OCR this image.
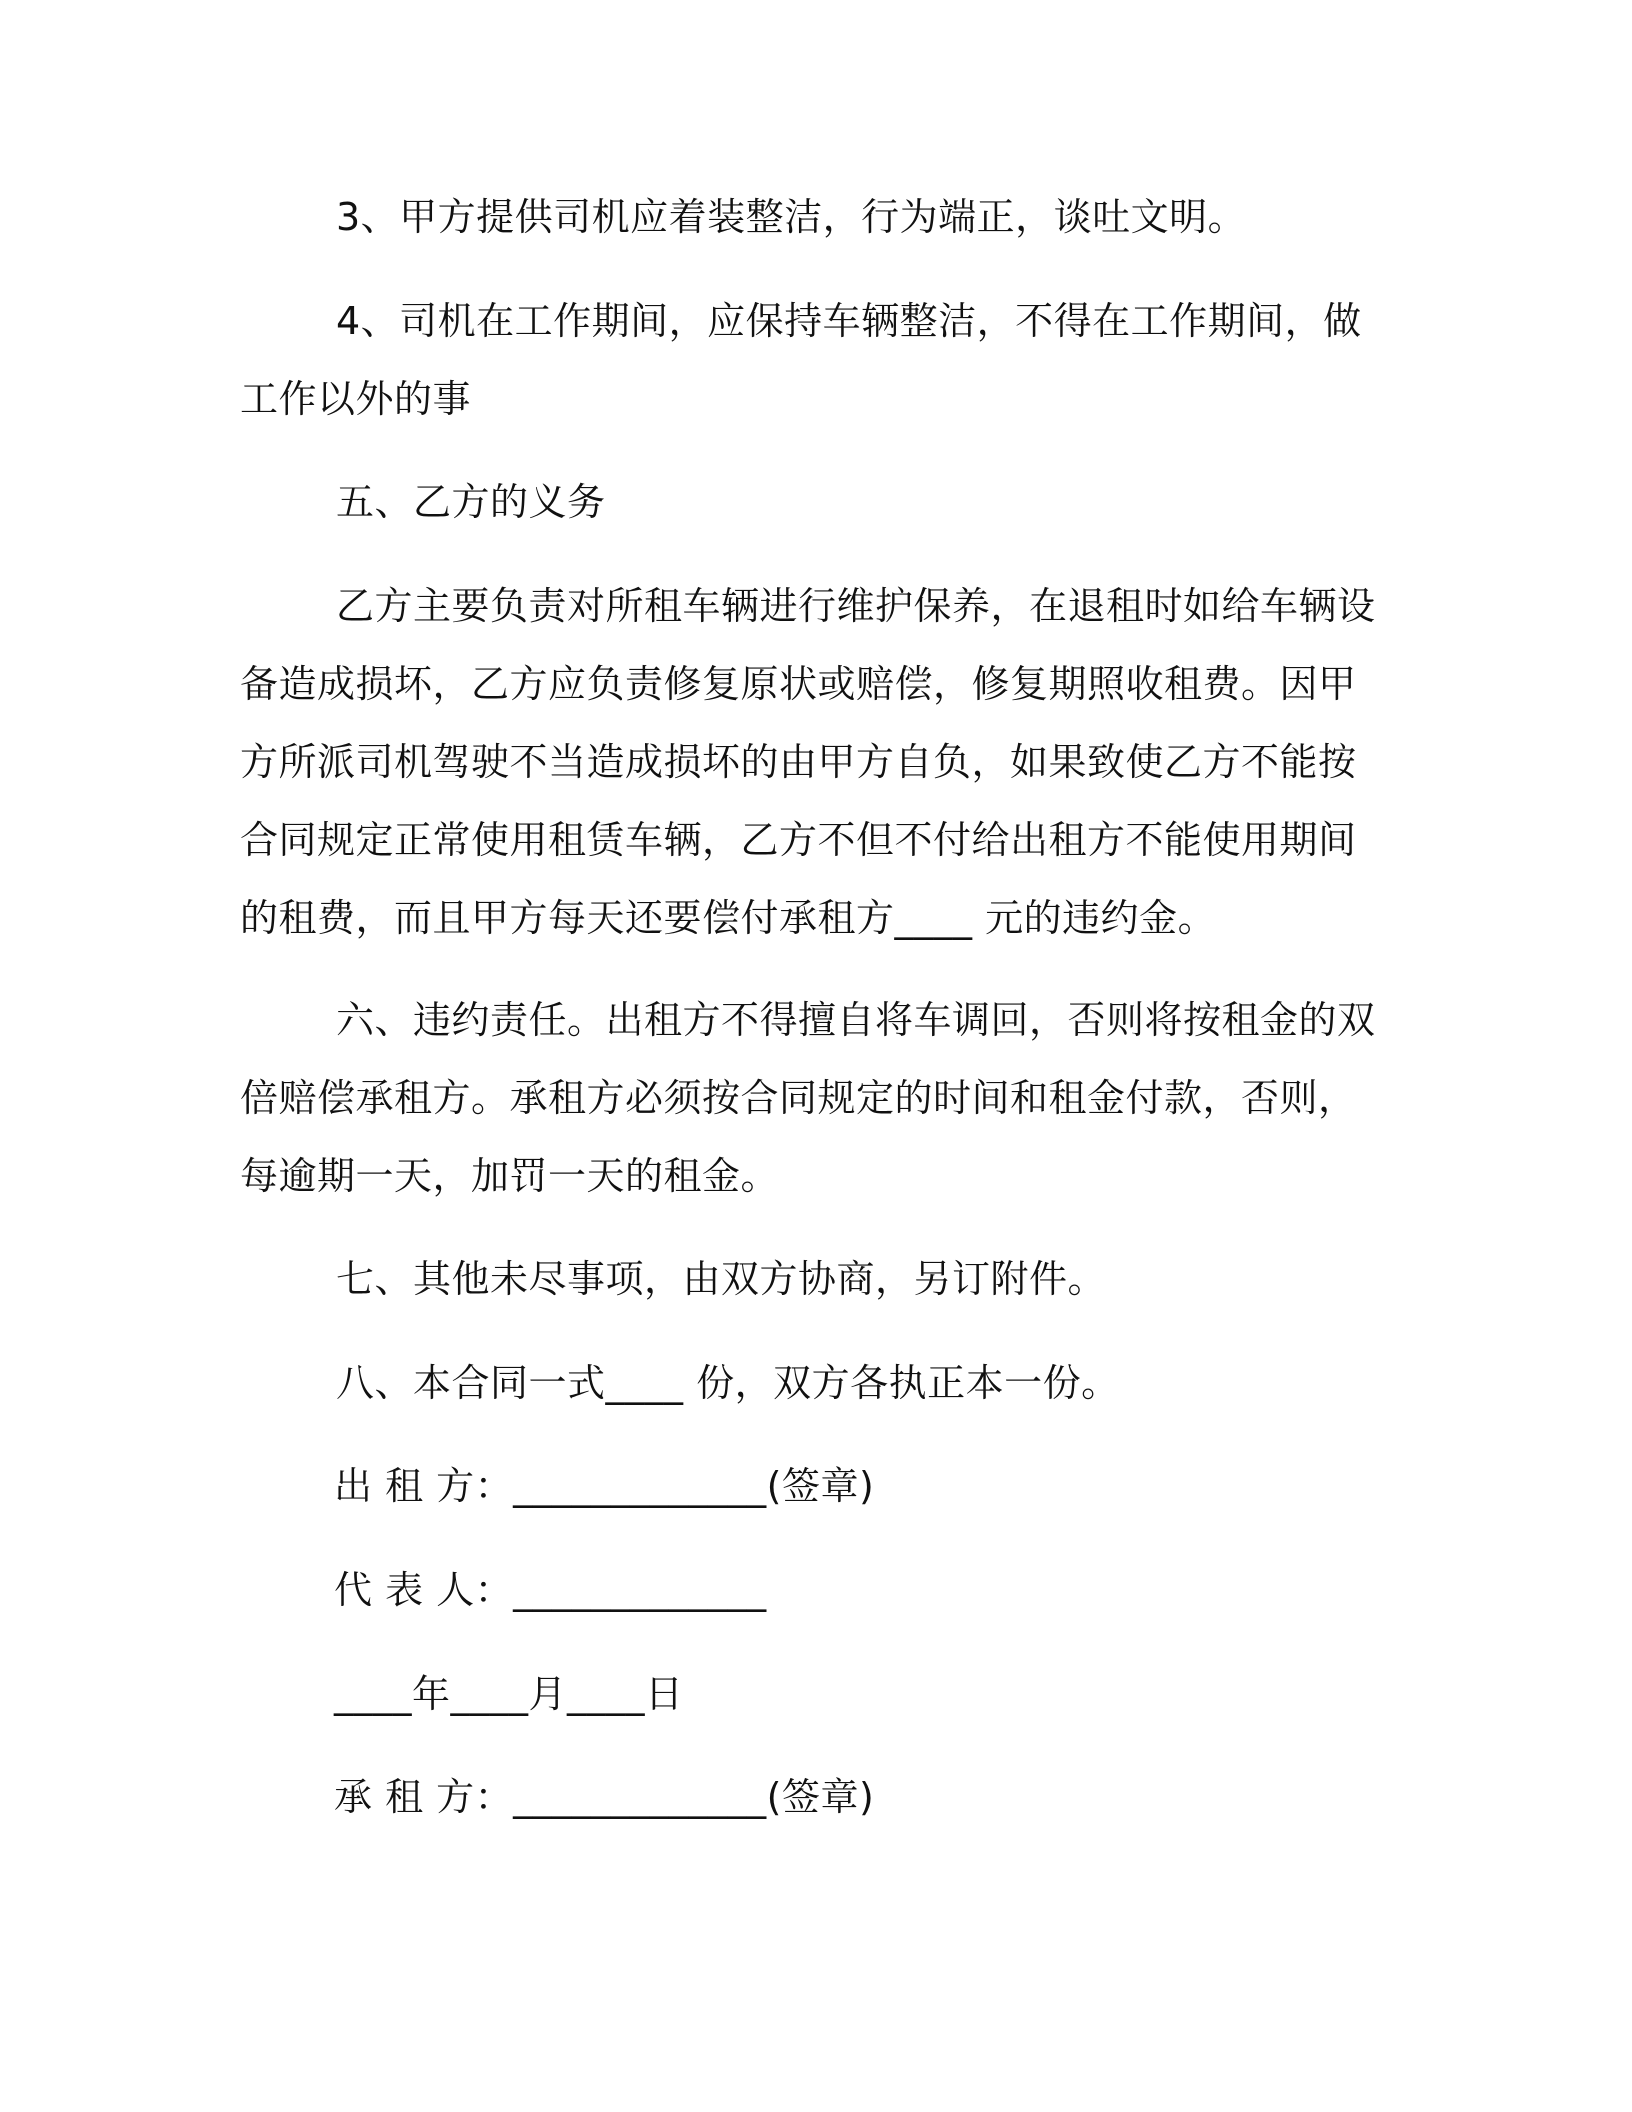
3、甲方提供司机应着装整洁，行为端正，谈吐文明。

4、司机在工作期间，应保持车辆整洁，不得在工作期间，做工作以外的事

五、乙方的义务

乙方主要负责对所租车辆进行维护保养，在退租时如给车辆设备造成损坏，乙方应负责修复原状或赔偿，修复期照收租费。因甲方所派司机驾驶不当造成损坏的由甲方自负，如果致使乙方不能按合同规定正常使用租赁车辆，乙方不但不付给出租方不能使用期间的租费，而且甲方每天还要偿付承租方____ 元的违约金。

六、违约责任。出租方不得擅自将车调回，否则将按租金的双倍赔偿承租方。承租方必须按合同规定的时间和租金付款，否则，每逾期一天，加罚一天的租金。

七、其他未尽事项，由双方协商，另订附件。

八、本合同一式____ 份，双方各执正本一份。

出 租 方：_____________(签章)

代 表 人：_____________

____年____月____日

承 租 方：_____________(签章)
